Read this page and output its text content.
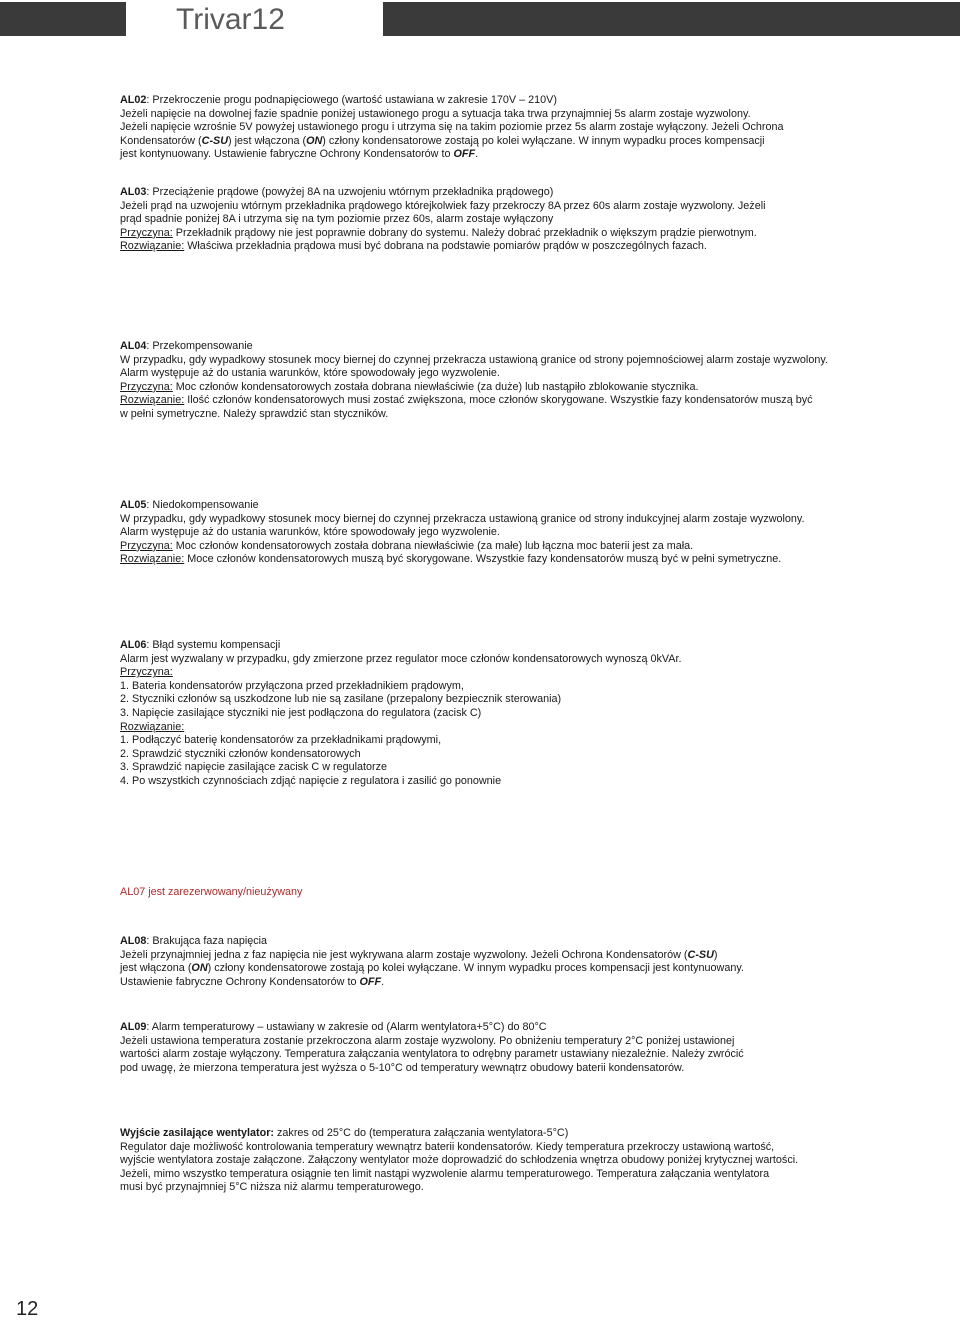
Trivar12
AL02: Przekroczenie progu podnapięciowego (wartość ustawiana w zakresie 170V – 210V)
Jeżeli napięcie na dowolnej fazie spadnie poniżej ustawionego progu a sytuacja taka trwa przynajmniej 5s alarm zostaje wyzwolony.
Jeżeli napięcie wzrośnie 5V powyżej ustawionego progu i utrzyma się na takim poziomie przez 5s alarm zostaje wyłączony. Jeżeli Ochrona
Kondensatorów (C-SU) jest włączona (ON) człony kondensatorowe zostają po kolei wyłączane. W innym wypadku proces kompensacji
jest kontynuowany. Ustawienie fabryczne Ochrony Kondensatorów to OFF.
AL03: Przeciążenie prądowe (powyżej 8A na uzwojeniu wtórnym przekładnika prądowego)
Jeżeli prąd na uzwojeniu wtórnym przekładnika prądowego którejkolwiek fazy przekroczy 8A przez 60s alarm zostaje wyzwolony. Jeżeli
prąd spadnie poniżej 8A i utrzyma się na tym poziomie przez 60s, alarm zostaje wyłączony
Przyczyna: Przekładnik prądowy nie jest poprawnie dobrany do systemu. Należy dobrać przekładnik o większym prądzie pierwotnym.
Rozwiązanie: Właściwa przekładnia prądowa musi być dobrana na podstawie pomiarów prądów w poszczególnych fazach.
AL04: Przekompensowanie
W przypadku, gdy wypadkowy stosunek mocy biernej do czynnej przekracza ustawioną granice od strony pojemnościowej alarm zostaje wyzwolony.
Alarm występuje aż do ustania warunków, które spowodowały jego wyzwolenie.
Przyczyna: Moc członów kondensatorowych została dobrana niewłaściwie (za duże) lub nastąpiło zblokowanie stycznika.
Rozwiązanie: Ilość członów kondensatorowych musi zostać zwiększona, moce członów skorygowane. Wszystkie fazy kondensatorów muszą być
w pełni symetryczne. Należy sprawdzić stan styczników.
AL05: Niedokompensowanie
W przypadku, gdy wypadkowy stosunek mocy biernej do czynnej przekracza ustawioną granice od strony indukcyjnej alarm zostaje wyzwolony.
Alarm występuje aż do ustania warunków, które spowodowały jego wyzwolenie.
Przyczyna: Moc członów kondensatorowych została dobrana niewłaściwie (za małe) lub łączna moc baterii jest za mała.
Rozwiązanie: Moce członów kondensatorowych muszą być skorygowane. Wszystkie fazy kondensatorów muszą być w pełni symetryczne.
AL06: Błąd systemu kompensacji
Alarm jest wyzwalany w przypadku, gdy zmierzone przez regulator moce członów kondensatorowych wynoszą 0kVAr.
Przyczyna:
1. Bateria kondensatorów przyłączona przed przekładnikiem prądowym,
2. Styczniki członów są uszkodzone lub nie są zasilane (przepalony bezpiecznik sterowania)
3. Napięcie zasilające styczniki nie jest podłączona do regulatora (zacisk C)
Rozwiązanie:
1. Podłączyć baterię kondensatorów za przekładnikami prądowymi,
2. Sprawdzić styczniki członów kondensatorowych
3. Sprawdzić napięcie zasilające zacisk C w regulatorze
4. Po wszystkich czynnościach zdjąć napięcie z regulatora i zasilić go ponownie
AL07 jest zarezerwowany/nieużywany
AL08: Brakująca faza napięcia
Jeżeli przynajmniej jedna z faz napięcia nie jest wykrywana alarm zostaje wyzwolony. Jeżeli Ochrona Kondensatorów (C-SU)
jest włączona (ON) człony kondensatorowe zostają po kolei wyłączane. W innym wypadku proces kompensacji jest kontynuowany.
Ustawienie fabryczne Ochrony Kondensatorów to OFF.
AL09: Alarm temperaturowy – ustawiany w zakresie od (Alarm wentylatora+5°C) do 80°C
Jeżeli ustawiona temperatura zostanie przekroczona alarm zostaje wyzwolony. Po obniżeniu temperatury 2°C poniżej ustawionej
wartości alarm zostaje wyłączony. Temperatura załączania wentylatora to odrębny parametr ustawiany niezależnie. Należy zwrócić
pod uwagę, że mierzona temperatura jest wyższa o 5-10°C od temperatury wewnątrz obudowy baterii kondensatorów.
Wyjście zasilające wentylator: zakres od 25°C do (temperatura załączania wentylatora-5°C)
Regulator daje możliwość kontrolowania temperatury wewnątrz baterii kondensatorów. Kiedy temperatura przekroczy ustawioną wartość,
wyjście wentylatora zostaje załączone. Załączony wentylator może doprowadzić do schłodzenia wnętrza obudowy poniżej krytycznej wartości.
Jeżeli, mimo wszystko temperatura osiągnie ten limit nastąpi wyzwolenie alarmu temperaturowego. Temperatura załączania wentylatora
musi być przynajmniej 5°C niższa niż alarmu temperaturowego.
12
